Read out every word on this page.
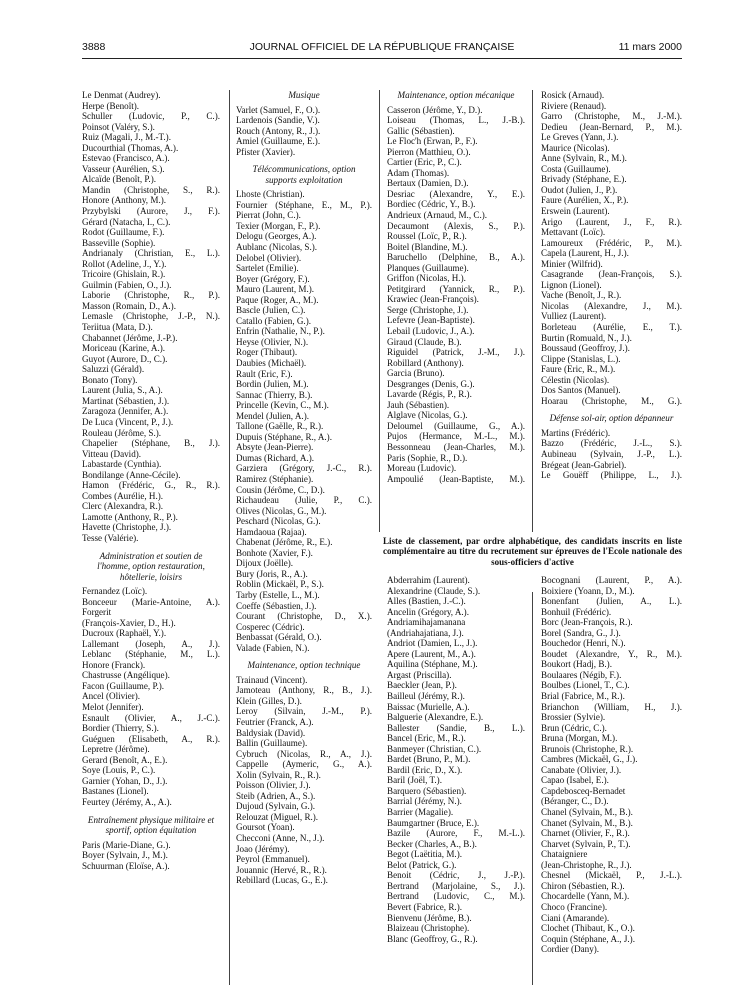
3888	JOURNAL OFFICIEL DE LA RÉPUBLIQUE FRANÇAISE	11 mars 2000
Le Denmat (Audrey).
Herpe (Benoît).
Schuller (Ludovic, P., C.).
Poinsot (Valéry, S.).
Ruiz (Magali, J., M.-T.).
Ducourthial (Thomas, A.).
Estevao (Francisco, A.).
Vasseur (Aurélien, S.).
Alcaïde (Benoît, P.).
Mandin (Christophe, S., R.).
Honore (Anthony, M.).
Przybylski (Aurore, J., F.).
Gérard (Natacha, I., C.).
Rodot (Guillaume, F.).
Basseville (Sophie).
Andrianaly (Christian, E., L.).
Rollot (Adeline, J., Y.).
Tricoire (Ghislain, R.).
Guilmin (Fabien, O., J.).
Laborie (Christophe, R., P.).
Masson (Romain, D., A.).
Lemasle (Christophe, J.-P., N.).
Teriitua (Mata, D.).
Chabannet (Jérôme, J.-P.).
Moriceau (Karine, A.).
Guyot (Aurore, D., C.).
Saluzzi (Gérald).
Bonato (Tony).
Laurent (Julia, S., A.).
Martinat (Sébastien, J.).
Zaragoza (Jennifer, A.).
De Luca (Vincent, P., J.).
Rouleau (Jérôme, S.).
Chapelier (Stéphane, B., J.).
Vitteau (David).
Labastarde (Cynthia).
Bondilange (Anne-Cécile).
Hamon (Frédéric, G., R., R.).
Combes (Aurélie, H.).
Clerc (Alexandra, R.).
Lamotte (Anthony, R., P.).
Havette (Christophe, J.).
Tesse (Valérie).
Administration et soutien de l'homme, option restauration, hôtellerie, loisirs
Fernandez (Loïc).
Bonceeur (Marie-Antoine, A.).
Forgerit
(François-Xavier, D., H.).
Ducroux (Raphaël, Y.).
Lallemant (Joseph, A., J.).
Leblanc (Stéphanie, M., L.).
Honore (Franck).
Chastrusse (Angélique).
Facon (Guillaume, P.).
Ancel (Olivier).
Melot (Jennifer).
Esnault (Olivier, A., J.-C.).
Bordier (Thierry, S.).
Guéguen (Elisabeth, A., R.).
Lepretre (Jérôme).
Gerard (Benoît, A., E.).
Soye (Louis, P., C.).
Garnier (Yohan, D., J.).
Bastanes (Lionel).
Feurtey (Jérémy, A., A.).
Entraînement physique militaire et sportif, option équitation
Paris (Marie-Diane, G.).
Boyer (Sylvain, J., M.).
Schuurman (Eloïse, A.).
Musique
Varlet (Samuel, F., O.).
Lardenois (Sandie, V.).
Rouch (Antony, R., J.).
Amiel (Guillaume, E.).
Pfister (Xavier).
Télécommunications, option supports exploitation
Lhoste (Christian).
Fournier (Stéphane, E., M., P.).
Pierrat (John, C.).
Texier (Morgan, F., P.).
Delogu (Georges, A.).
Aublanc (Nicolas, S.).
Delobel (Olivier).
Sartelet (Emilie).
Boyer (Grégory, F.).
Mauro (Laurent, M.).
Paque (Roger, A., M.).
Bascle (Julien, C.).
Catallo (Fabien, G.).
Enfrin (Nathalie, N., P.).
Heyse (Olivier, N.).
Roger (Thibaut).
Daubies (Michaël).
Rault (Eric, F.).
Bordin (Julien, M.).
Sannac (Thierry, B.).
Princelle (Kevin, C., M.).
Mendel (Julien, A.).
Tallone (Gaëlle, R., R.).
Dupuis (Stéphane, R., A.).
Absyte (Jean-Pierre).
Dumas (Richard, A.).
Garziera (Grégory, J.-C., R.).
Ramirez (Stéphanie).
Cousin (Jérôme, C., D.).
Richaudeau (Julie, P., C.).
Olives (Nicolas, G., M.).
Peschard (Nicolas, G.).
Hamdaoua (Rajaa).
Chabenat (Jérôme, R., E.).
Bonhote (Xavier, F.).
Dijoux (Joëlle).
Bury (Joris, R., A.).
Roblin (Mickaël, P., S.).
Tarby (Estelle, L., M.).
Coeffe (Sébastien, J.).
Courant (Christophe, D., X.).
Cosperec (Cédric).
Benbassat (Gérald, O.).
Valade (Fabien, N.).
Maintenance, option technique
Trainaud (Vincent).
Jamoteau (Anthony, R., B., J.).
Klein (Gilles, D.).
Leroy (Silvain, J.-M., P.).
Feutrier (Franck, A.).
Baldysiak (David).
Ballin (Guillaume).
Cybruch (Nicolas, R., A., J.).
Cappelle (Aymeric, G., A.).
Xolin (Sylvain, R., R.).
Poisson (Olivier, J.).
Steib (Adrien, A., S.).
Dujoud (Sylvain, G.).
Relouzat (Miguel, R.).
Goursot (Yoan).
Checconi (Anne, N., J.).
Joao (Jérémy).
Peyrol (Emmanuel).
Jouannic (Hervé, R., R.).
Rebillard (Lucas, G., E.).
Maintenance, option mécanique
Casseron (Jérôme, Y., D.).
Loiseau (Thomas, L., J.-B.).
Gallic (Sébastien).
Le Floc'h (Erwan, P., F.).
Pierron (Matthieu, O.).
Cartier (Eric, P., C.).
Adam (Thomas).
Bertaux (Damien, D.).
Desriac (Alexandre, Y., E.).
Bordiec (Cédric, Y., B.).
Andrieux (Arnaud, M., C.).
Decaumont (Alexis, S., P.).
Roussel (Loïc, P., R.).
Boitel (Blandine, M.).
Baruchello (Delphine, B., A.).
Planques (Guillaume).
Griffon (Nicolas, H.).
Petitgirard (Yannick, R., P.).
Krawiec (Jean-François).
Serge (Christophe, J.).
Lefevre (Jean-Baptiste).
Lebail (Ludovic, J., A.).
Giraud (Claude, B.).
Riguidel (Patrick, J.-M., J.).
Robillard (Anthony).
Garcia (Bruno).
Desgranges (Denis, G.).
Lavarde (Régis, P., R.).
Jauh (Sébastien).
Alglave (Nicolas, G.).
Deloumel (Guillaume, G., A.).
Pujos (Hermance, M.-L., M.).
Bessonneau (Jean-Charles, M.).
Paris (Sophie, R., D.).
Moreau (Ludovic).
Ampoulié (Jean-Baptiste, M.).
Rosick (Arnaud).
Riviere (Renaud).
Garro (Christophe, M., J.-M.).
Dedieu (Jean-Bernard, P., M.).
Le Greves (Yann, J.).
Maurice (Nicolas).
Anne (Sylvain, R., M.).
Costa (Guillaume).
Brivady (Stéphane, E.).
Oudot (Julien, J., P.).
Faure (Aurélien, X., P.).
Erswein (Laurent).
Arigo (Laurent, J., F., R.).
Mettavant (Loïc).
Lamoureux (Frédéric, P., M.).
Capela (Laurent, H., J.).
Minier (Wilfrid).
Casagrande (Jean-François, S.).
Lignon (Lionel).
Vache (Benoît, J., R.).
Nicolas (Alexandre, J., M.).
Vulliez (Laurent).
Borleteau (Aurélie, E., T.).
Burtin (Romuald, N., J.).
Boussaud (Geoffroy, J.).
Clippe (Stanislas, L.).
Faure (Eric, R., M.).
Célestin (Nicolas).
Dos Santos (Manuel).
Hoarau (Christophe, M., G.).
Défense sol-air, option dépanneur
Martins (Frédéric).
Bazzo (Frédéric, J.-L., S.).
Aubineau (Sylvain, J.-P., L.).
Brégeat (Jean-Gabriel).
Le Gouëff (Philippe, L., J.).
Liste de classement, par ordre alphabétique, des candidats inscrits en liste complémentaire au titre du recrutement sur épreuves de l'Ecole nationale des sous-officiers d'active
Abderrahim (Laurent).
Alexandrine (Claude, S.).
Alles (Bastien, J.-C.).
Ancelin (Grégory, A.).
Andriamihajamanana
(Andriahajatiana, J.).
Andriot (Damien, L., J.).
Apere (Laurent, M., A.).
Aquilina (Stéphane, M.).
Argast (Priscilla).
Baeckler (Jean, P.).
Bailleul (Jérémy, R.).
Baissac (Murielle, A.).
Balguerie (Alexandre, E.).
Ballester (Sandie, B., L.).
Bancel (Eric, M., R.).
Banmeyer (Christian, C.).
Bardet (Bruno, P., M.).
Bardil (Eric, D., X.).
Baril (Joël, T.).
Barquero (Sébastien).
Barrial (Jérémy, N.).
Barrier (Magalie).
Baumgartner (Bruce, E.).
Bazile (Aurore, F., M.-L.).
Becker (Charles, A., B.).
Begot (Laëtitia, M.).
Belot (Patrick, G.).
Benoit (Cédric, J., J.-P.).
Bertrand (Marjolaine, S., J.).
Bertrand (Ludovic, C., M.).
Bevert (Fabrice, R.).
Bienvenu (Jérôme, B.).
Blaizeau (Christophe).
Blanc (Geoffroy, G., R.).
Bocognani (Laurent, P., A.).
Boixiere (Yoann, D., M.).
Bonenfant (Julien, A., L.).
Bonhuil (Frédéric).
Borc (Jean-François, R.).
Borel (Sandra, G., J.).
Bouchedor (Henri, N.).
Boudet (Alexandre, Y., R., M.).
Boukort (Hadj, B.).
Boulaares (Négib, F.).
Boulbes (Lionel, T., C.).
Brial (Fabrice, M., R.).
Brianchon (William, H., J.).
Brossier (Sylvie).
Brun (Cédric, C.).
Bruna (Morgan, M.).
Brunois (Christophe, R.).
Cambres (Mickaël, G., J.).
Canabate (Olivier, J.).
Capao (Isabel, E.).
Capdebosceq-Bernadet
(Béranger, C., D.).
Chanel (Sylvain, M., B.).
Chanet (Sylvain, M., B.).
Charnet (Olivier, F., R.).
Charvet (Sylvain, P., T.).
Chataigniere
(Jean-Christophe, R., J.).
Chesnel (Mickaël, P., J.-L.).
Chiron (Sébastien, R.).
Chocardelle (Yann, M.).
Choco (Francine).
Ciani (Amarande).
Clochet (Thibaut, K., O.).
Coquin (Stéphane, A., J.).
Cordier (Dany).
